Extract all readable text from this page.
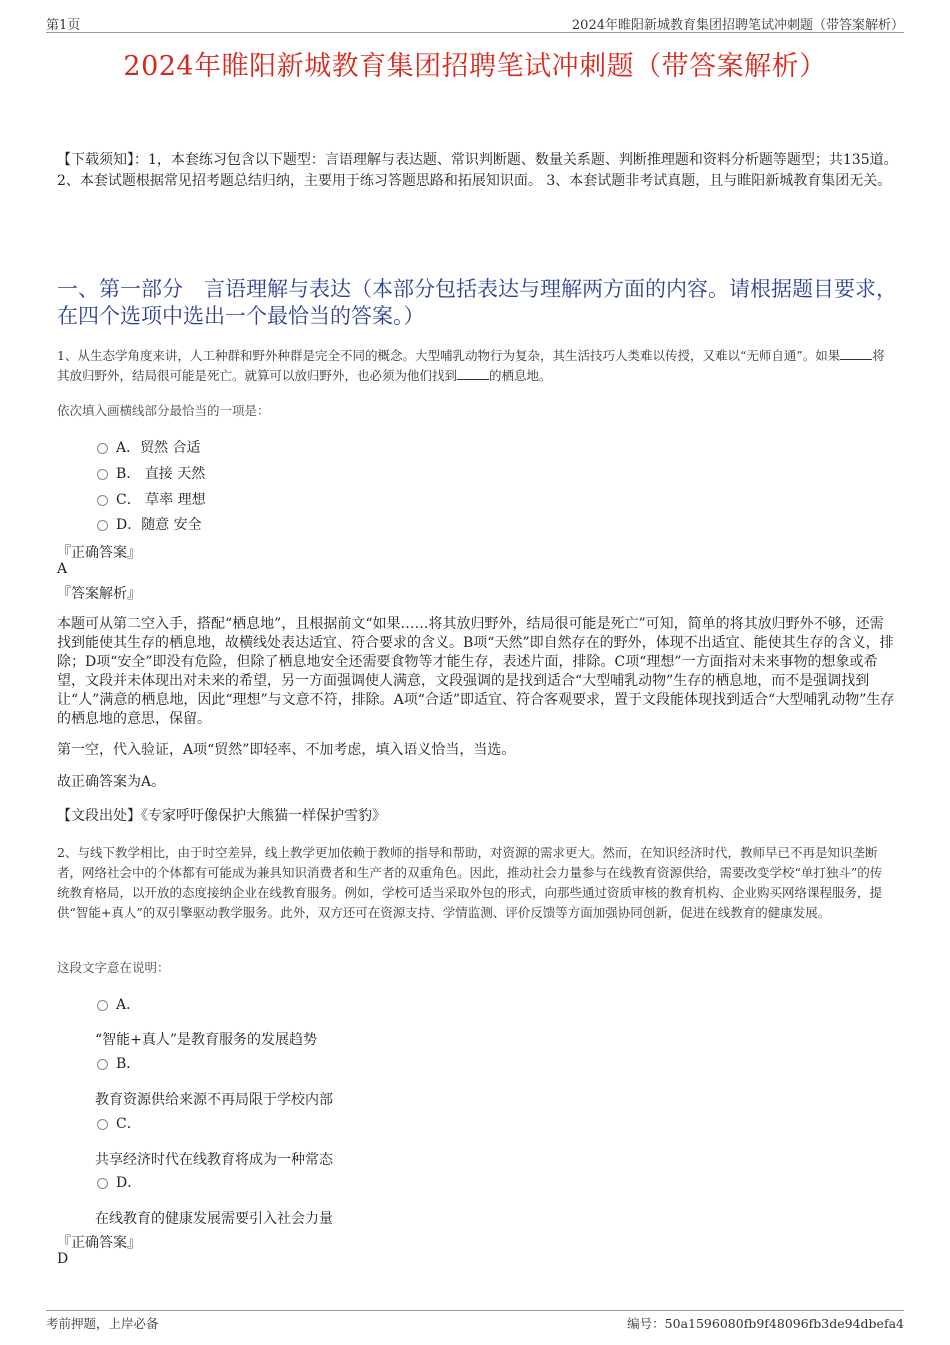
第1页	2024年睢阳新城教育集团招聘笔试冲刺题（带答案解析）
2024年睢阳新城教育集团招聘笔试冲刺题（带答案解析）
【下载须知】：1，本套练习包含以下题型：言语理解与表达题、常识判断题、数量关系题、判断推理题和资料分析题等题型；共135道。 2、本套试题根据常见招考题总结归纳，主要用于练习答题思路和拓展知识面。 3、本套试题非考试真题，且与睢阳新城教育集团无关。
一、第一部分　言语理解与表达（本部分包括表达与理解两方面的内容。请根据题目要求，在四个选项中选出一个最恰当的答案。）
1、从生态学角度来讲，人工种群和野外种群是完全不同的概念。大型哺乳动物行为复杂，其生活技巧人类难以传授，又难以“无师自通”。如果	将其放归野外，结局很可能是死亡。就算可以放归野外，也必须为他们找到	的栖息地。
依次填入画横线部分最恰当的一项是：
A．贸然 合适
B． 直接 天然
C． 草率 理想
D．随意 安全
『正确答案』
A
『答案解析』
本题可从第二空入手，搭配“栖息地”，且根据前文“如果……将其放归野外，结局很可能是死亡”可知，简单的将其放归野外不够，还需找到能使其生存的栖息地，故横线处表达适宜、符合要求的含义。B项“天然”即自然存在的野外，体现不出适宜、能使其生存的含义，排除；D项“安全”即没有危险，但除了栖息地安全还需要食物等才能生存，表述片面，排除。C项“理想”一方面指对未来事物的想象或希望，文段并未体现出对未来的希望，另一方面强调使人满意，文段强调的是找到适合“大型哺乳动物”生存的栖息地，而不是强调找到让“人”满意的栖息地，因此“理想”与文意不符，排除。A项“合适”即适宜、符合客观要求，置于文段能体现找到适合“大型哺乳动物”生存的栖息地的意思，保留。
第一空，代入验证，A项“贸然”即轻率、不加考虑，填入语义恰当，当选。
故正确答案为A。
【文段出处】《专家呼吁像保护大熊猫一样保护雪豹》
2、与线下教学相比，由于时空差异，线上教学更加依赖于教师的指导和帮助，对资源的需求更大。然而，在知识经济时代，教师早已不再是知识垄断者，网络社会中的个体都有可能成为兼具知识消费者和生产者的双重角色。因此，推动社会力量参与在线教育资源供给，需要改变学校“单打独斗”的传统教育格局，以开放的态度接纳企业在线教育服务。例如，学校可适当采取外包的形式，向那些通过资质审核的教育机构、企业购买网络课程服务，提供“智能+真人”的双引擎驱动教学服务。此外，双方还可在资源支持、学情监测、评价反馈等方面加强协同创新，促进在线教育的健康发展。
这段文字意在说明：
A．
“智能+真人”是教育服务的发展趋势
B．
教育资源供给来源不再局限于学校内部
C．
共享经济时代在线教育将成为一种常态
D．
在线教育的健康发展需要引入社会力量
『正确答案』
D
考前押题，上岸必备	编号：50a1596080fb9f48096fb3de94dbefa4
